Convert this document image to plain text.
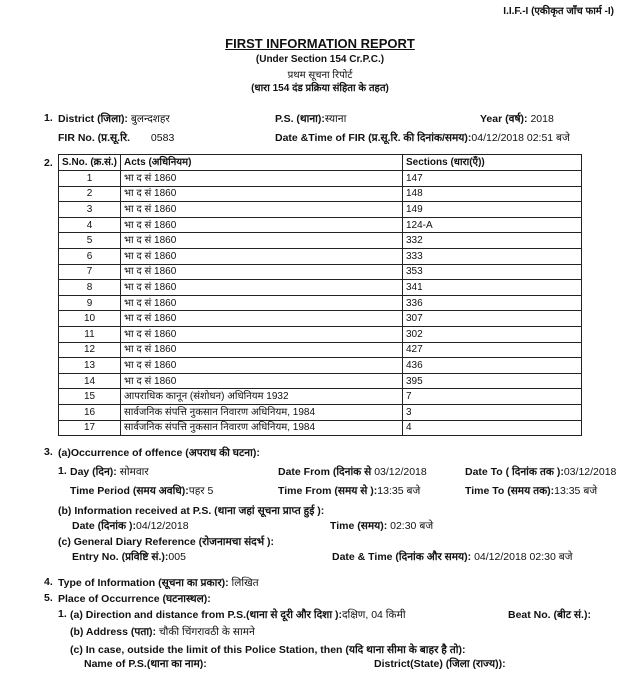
I.I.F.-I (एकीकृत जाँच फार्म -I)
FIRST INFORMATION REPORT
(Under Section 154 Cr.P.C.)
प्रथम सूचना रिपोर्ट
(धारा 154 दंड प्रक्रिया संहिता के तहत)
1. District (जिला): बुलन्दशहर	P.S. (थाना):स्याना	Year (वर्ष): 2018
FIR No. (प्र.सू.रि. 0583	Date &Time of FIR (प्र.सू.रि. की दिनांक/समय):04/12/2018 02:51 बजे
2. S.No. (क्र.सं.)	Acts (अधिनियम)	Sections (धारा(एँ))
1	भा द सं 1860	147
2	भा द सं 1860	148
3	भा द सं 1860	149
4	भा द सं 1860	124-A
5	भा द सं 1860	332
6	भा द सं 1860	333
7	भा द सं 1860	353
8	भा द सं 1860	341
9	भा द सं 1860	336
10	भा द सं 1860	307
11	भा द सं 1860	302
12	भा द सं 1860	427
13	भा द सं 1860	436
14	भा द सं 1860	395
15	आपराधिक कानून (संशोधन) अधिनियम 1932	7
16	सार्वजनिक संपत्ति नुकसान निवारण अधिनियम, 1984	3
17	सार्वजनिक संपत्ति नुकसान निवारण अधिनियम, 1984	4
3. (a)Occurrence of offence (अपराध की घटना):
1. Day (दिन): सोमवार	Date From (दिनांक से 03/12/2018	Date To ( दिनांक तक ):03/12/2018
Time Period (समय अवधि):पहर 5	Time From (समय से ):13:35 बजे	Time To (समय तक):13:35 बजे
(b) Information received at P.S. (थाना जहां सूचना प्राप्त हुई ):
Date (दिनांक ):04/12/2018	Time (समय): 02:30 बजे
(c) General Diary Reference (रोजनामचा संदर्भ ):
Entry No. (प्रविष्टि सं.):005	Date & Time (दिनांक और समय): 04/12/2018 02:30 बजे
4. Type of Information (सूचना का प्रकार): लिखित
5. Place of Occurrence (घटनास्थल):
1. (a) Direction and distance from P.S.(थाना से दूरी और दिशा ):दक्षिण, 04 किमी	Beat No. (बीट सं.):
(b) Address (पता): चौकी चिंगरावठी के सामने
(c) In case, outside the limit of this Police Station, then (यदि थाना सीमा के बाहर है तो):
Name of P.S.(थाना का नाम):	District(State) (जिला (राज्य)):
